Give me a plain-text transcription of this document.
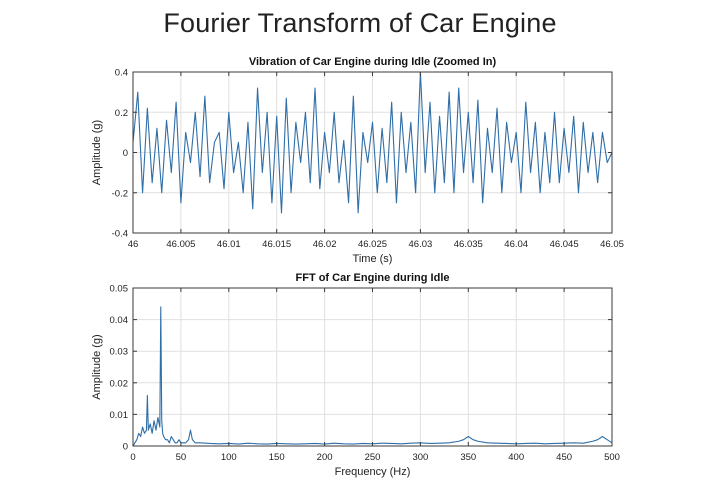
Fourier Transform of Car Engine
46	46.005 46.01 46.015 46.02 46.025 46.03 46.035 46.04 46.045 46.05
-0.4
-0.2
0
0.2
0.4
Vibration of Car Engine during Idle (Zoomed In)
Time (s)
Amplitude (g)
0	50	100	150	200	250	300	350	400	450	500
0
0.01
0.02
0.03
0.04
0.05
FFT of Car Engine during Idle
Frequency (Hz)
Amplitude (g)
